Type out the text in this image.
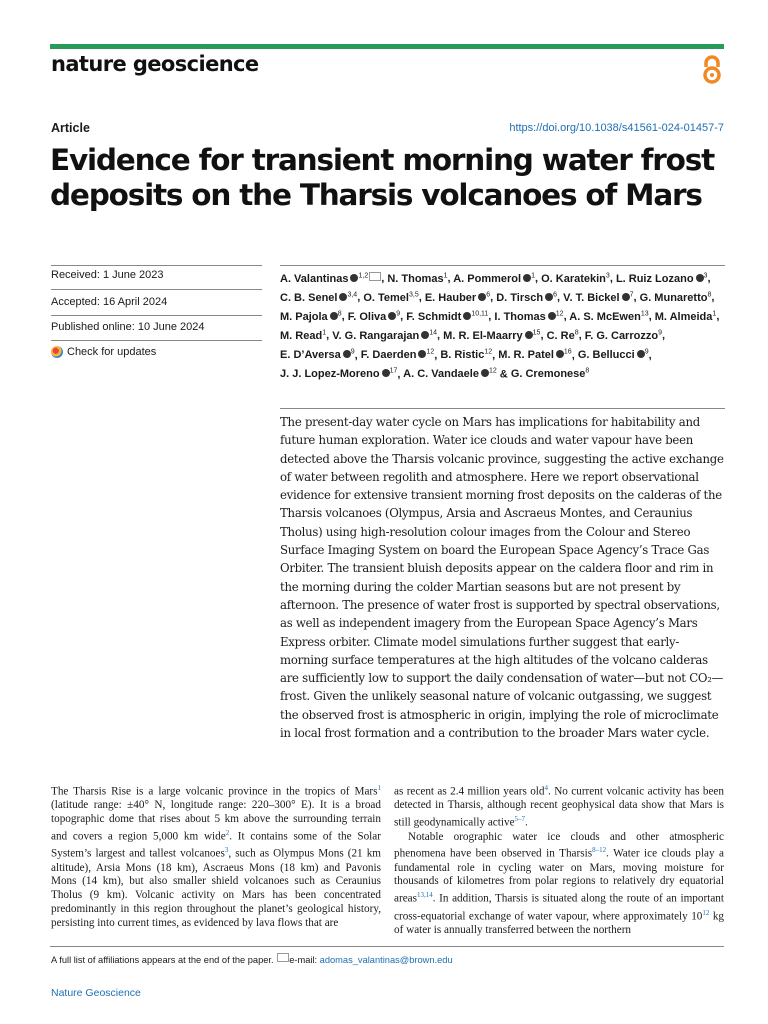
nature geoscience
Article	https://doi.org/10.1038/s41561-024-01457-7
Evidence for transient morning water frost
deposits on the Tharsis volcanoes of Mars
Received: 1 June 2023
Accepted: 16 April 2024
Published online: 10 June 2024
Check for updates
A. Valantinas $^{1,2}$ , N. Thomas$^1$, A. Pommerol $^1$, O. Karatekin$^3$, L. Ruiz Lozano $^3$, C. B. Senel $^{3,4}$, O. Temel$^{3,5}$, E. Hauber $^6$, D. Tirsch $^6$, V. T. Bickel $^7$, G. Munaretto$^8$, M. Pajola $^8$, F. Oliva $^9$, F. Schmidt $^{10,11}$, I. Thomas $^{12}$, A. S. McEwen$^{13}$, M. Almeida$^1$, M. Read$^1$, V. G. Rangarajan $^{14}$, M. R. El-Maarry $^{15}$, C. Re$^8$, F. G. Carrozzo$^9$, E. D’Aversa $^9$, F. Daerden $^{12}$, B. Ristic$^{12}$, M. R. Patel $^{16}$, G. Bellucci $^9$, J. J. Lopez-Moreno $^{17}$, A. C. Vandaele $^{12}$ & G. Cremonese$^8$

The present-day water cycle on Mars has implications for habitability and future human exploration. Water ice clouds and water vapour have been detected above the Tharsis volcanic province, suggesting the active exchange of water between regolith and atmosphere. Here we report observational evidence for extensive transient morning frost deposits on the calderas of the Tharsis volcanoes (Olympus, Arsia and Ascraeus Montes, and Ceraunius Tholus) using high-resolution colour images from the Colour and Stereo Surface Imaging System on board the European Space Agency’s Trace Gas Orbiter. The transient bluish deposits appear on the caldera floor and rim in the morning during the colder Martian seasons but are not present by afternoon. The presence of water frost is supported by spectral observations, as well as independent imagery from the European Space Agency’s Mars Express orbiter. Climate model simulations further suggest that early-morning surface temperatures at the high altitudes of the volcano calderas are sufficiently low to support the daily condensation of water—but not CO₂—frost. Given the unlikely seasonal nature of volcanic outgassing, we suggest the observed frost is atmospheric in origin, implying the role of microclimate in local frost formation and a contribution to the broader Mars water cycle.

The Tharsis Rise is a large volcanic province in the tropics of Mars$^1$ (latitude range: ±40° N, longitude range: 220–300° E). It is a broad topographic dome that rises about 5 km above the surrounding terrain and covers a region 5,000 km wide$^2$. It contains some of the Solar System’s largest and tallest volcanoes$^3$, such as Olympus Mons (21 km altitude), Arsia Mons (18 km), Ascraeus Mons (18 km) and Pavonis Mons (14 km), but also smaller shield volcanoes such as Ceraunius Tholus (9 km). Volcanic activity on Mars has been concentrated predominantly in this region throughout the planet’s geological history, persisting into current times, as evidenced by lava flows that are

as recent as 2.4 million years old$^4$. No current volcanic activity has been detected in Tharsis, although recent geophysical data show that Mars is still geodynamically active$^{5-7}$.

Notable orographic water ice clouds and other atmospheric phenomena have been observed in Tharsis$^{8-12}$. Water ice clouds play a fundamental role in cycling water on Mars, moving moisture for thousands of kilometres from polar regions to relatively dry equatorial areas$^{13,14}$. In addition, Tharsis is situated along the route of an important cross-equatorial exchange of water vapour, where approximately 10$^{12}$ kg of water is annually transferred between the northern

A full list of affiliations appears at the end of the paper. e-mail: adomas_valantinas@brown.edu
Nature Geoscience
